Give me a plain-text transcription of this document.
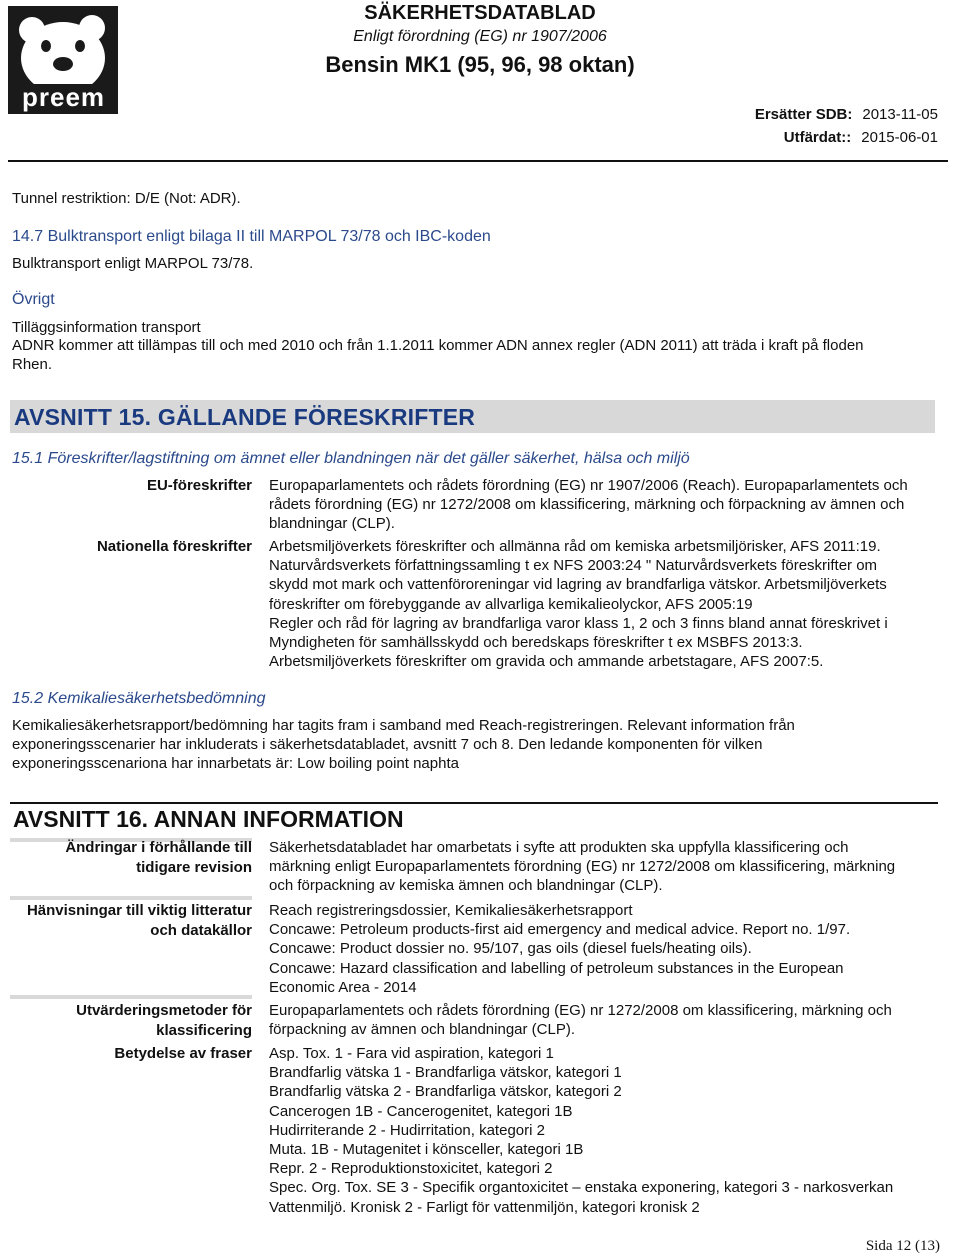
preem
SÄKERHETSDATABLAD
Enligt förordning (EG) nr 1907/2006
Bensin MK1 (95, 96, 98 oktan)
Ersätter SDB: 2013-11-05
Utfärdat:: 2015-06-01
Tunnel restriktion: D/E (Not: ADR).
14.7 Bulktransport enligt bilaga II till MARPOL 73/78 och IBC-koden
Bulktransport enligt MARPOL 73/78.
Övrigt
Tilläggsinformation transport
ADNR kommer att tillämpas till och med 2010 och från 1.1.2011 kommer ADN annex regler (ADN 2011) att träda i kraft på floden
Rhen.
AVSNITT 15. GÄLLANDE FÖRESKRIFTER
15.1 Föreskrifter/lagstiftning om ämnet eller blandningen när det gäller säkerhet, hälsa och miljö
EU-föreskrifter Europaparlamentets och rådets förordning (EG) nr 1907/2006 (Reach). Europaparlamentets och
rådets förordning (EG) nr 1272/2008 om klassificering, märkning och förpackning av ämnen och
blandningar (CLP).
Nationella föreskrifter Arbetsmiljöverkets föreskrifter och allmänna råd om kemiska arbetsmiljörisker, AFS 2011:19.
Naturvårdsverkets författningssamling t ex NFS 2003:24 " Naturvårdsverkets föreskrifter om
skydd mot mark och vattenföroreningar vid lagring av brandfarliga vätskor. Arbetsmiljöverkets
föreskrifter om förebyggande av allvarliga kemikalieolyckor, AFS 2005:19
Regler och råd för lagring av brandfarliga varor klass 1, 2 och 3 finns bland annat föreskrivet i
Myndigheten för samhällsskydd och beredskaps föreskrifter t ex MSBFS 2013:3.
Arbetsmiljöverkets föreskrifter om gravida och ammande arbetstagare, AFS 2007:5.
15.2 Kemikaliesäkerhetsbedömning
Kemikaliesäkerhetsrapport/bedömning har tagits fram i samband med Reach-registreringen. Relevant information från
exponeringsscenarier har inkluderats i säkerhetsdatabladet, avsnitt 7 och 8. Den ledande komponenten för vilken
exponeringsscenariona har innarbetats är: Low boiling point naphta
AVSNITT 16. ANNAN INFORMATION
Ändringar i förhållande till
tidigare revision
Säkerhetsdatabladet har omarbetats i syfte att produkten ska uppfylla klassificering och
märkning enligt Europaparlamentets förordning (EG) nr 1272/2008 om klassificering, märkning
och förpackning av kemiska ämnen och blandningar (CLP).
Hänvisningar till viktig litteratur
och datakällor
Reach registreringsdossier, Kemikaliesäkerhetsrapport
Concawe: Petroleum products-first aid emergency and medical advice. Report no. 1/97.
Concawe: Product dossier no. 95/107, gas oils (diesel fuels/heating oils).
Concawe: Hazard classification and labelling of petroleum substances in the European
Economic Area - 2014
Utvärderingsmetoder för
klassificering
Europaparlamentets och rådets förordning (EG) nr 1272/2008 om klassificering, märkning och
förpackning av ämnen och blandningar (CLP).
Betydelse av fraser Asp. Tox. 1 - Fara vid aspiration, kategori 1
Brandfarlig vätska 1 - Brandfarliga vätskor, kategori 1
Brandfarlig vätska 2 - Brandfarliga vätskor, kategori 2
Cancerogen 1B - Cancerogenitet, kategori 1B
Hudirriterande 2 - Hudirritation, kategori 2
Muta. 1B - Mutagenitet i könsceller, kategori 1B
Repr. 2 - Reproduktionstoxicitet, kategori 2
Spec. Org. Tox. SE 3 - Specifik organtoxicitet – enstaka exponering, kategori 3 - narkosverkan
Vattenmiljö. Kronisk 2 - Farligt för vattenmiljön, kategori kronisk 2
Sida 12 (13)
